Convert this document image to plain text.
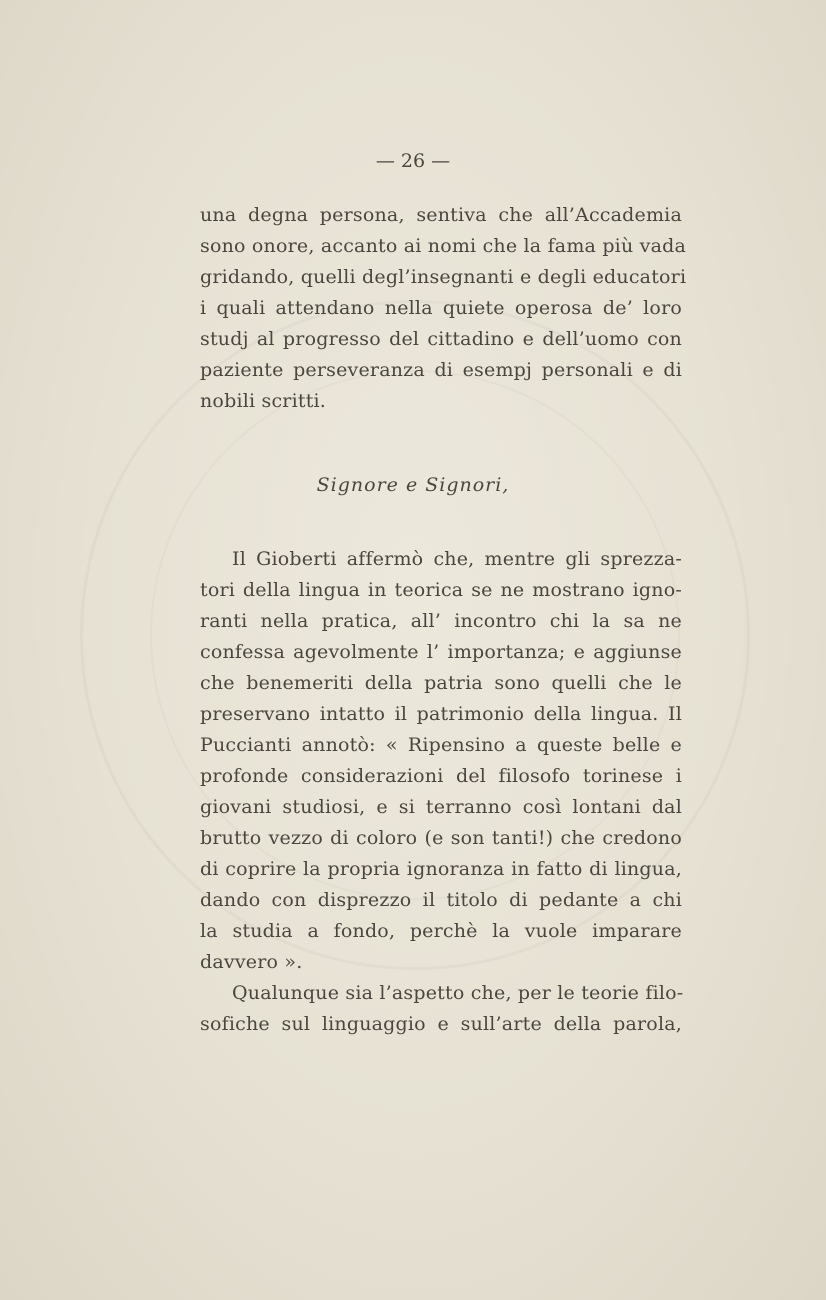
— 26 —
una degna persona, sentiva che all’Accademia
sono onore, accanto ai nomi che la fama più vada
gridando, quelli degl’insegnanti e degli educatori
i quali attendano nella quiete operosa de’ loro
studj al progresso del cittadino e dell’uomo con
paziente perseveranza di esempj personali e di
nobili scritti.
Signore e Signori,
Il Gioberti affermò che, mentre gli sprezza-
tori della lingua in teorica se ne mostrano igno-
ranti nella pratica, all’ incontro chi la sa ne
confessa agevolmente l’ importanza; e aggiunse
che benemeriti della patria sono quelli che le
preservano intatto il patrimonio della lingua. Il
Puccianti annotò: « Ripensino a queste belle e
profonde considerazioni del filosofo torinese i
giovani studiosi, e si terranno così lontani dal
brutto vezzo di coloro (e son tanti!) che credono
di coprire la propria ignoranza in fatto di lingua,
dando con disprezzo il titolo di pedante a chi
la studia a fondo, perchè la vuole imparare
davvero ».
Qualunque sia l’aspetto che, per le teorie filo-
sofiche sul linguaggio e sull’arte della parola,
